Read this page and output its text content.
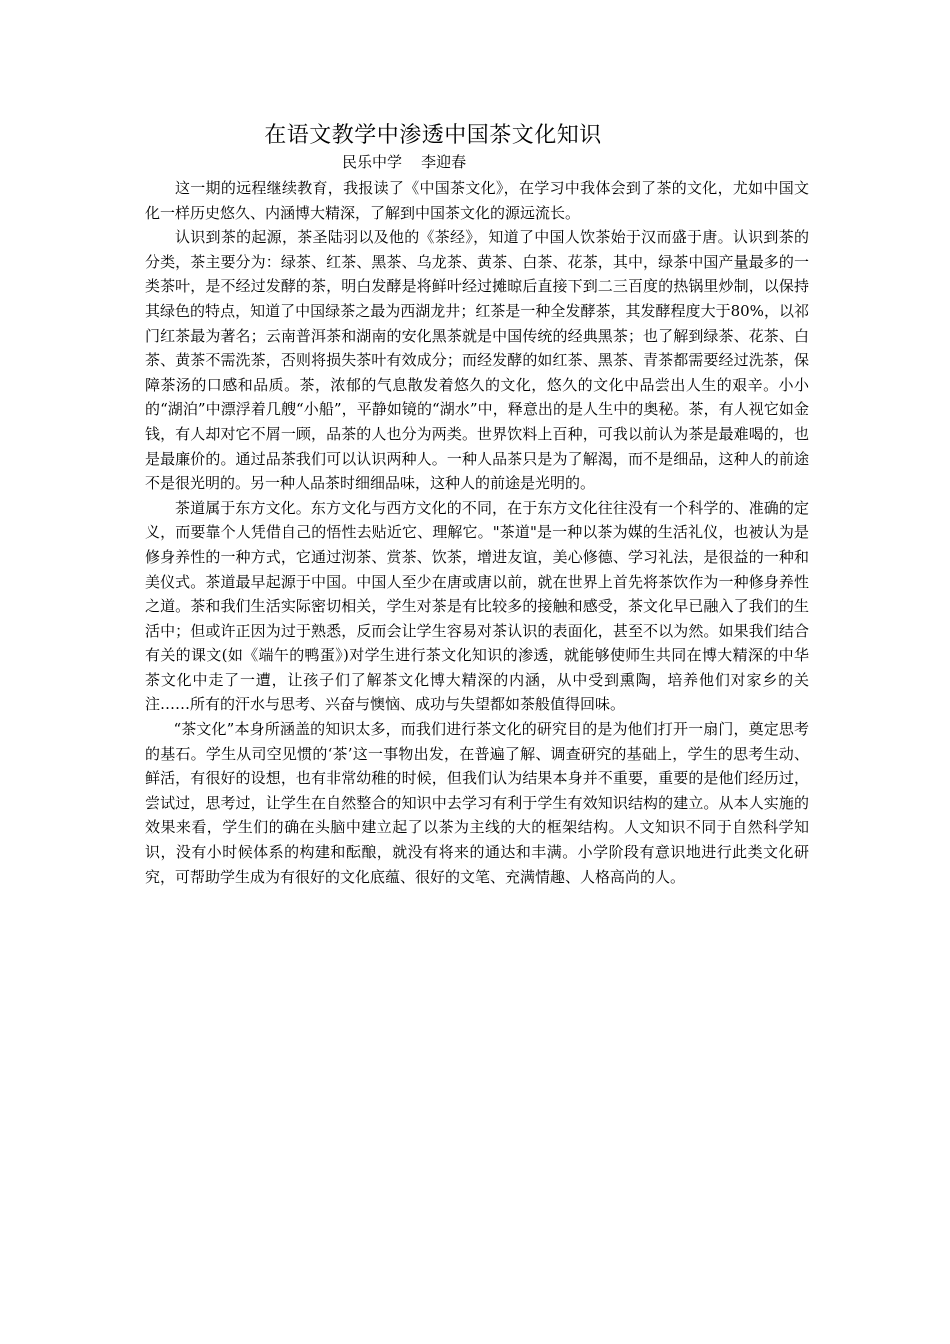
在语文教学中渗透中国茶文化知识
民乐中学    李迎春

这一期的远程继续教育，我报读了《中国茶文化》，在学习中我体会到了茶的文化，尤如中国文化一样历史悠久、内涵博大精深，了解到中国茶文化的源远流长。

认识到茶的起源，茶圣陆羽以及他的《茶经》，知道了中国人饮茶始于汉而盛于唐。认识到茶的分类，茶主要分为：绿茶、红茶、黑茶、乌龙茶、黄茶、白茶、花茶，其中，绿茶中国产量最多的一类茶叶，是不经过发酵的茶，明白发酵是将鲜叶经过摊晾后直接下到二三百度的热锅里炒制，以保持其绿色的特点，知道了中国绿茶之最为西湖龙井；红茶是一种全发酵茶，其发酵程度大于80%，以祁门红茶最为著名；云南普洱茶和湖南的安化黑茶就是中国传统的经典黑茶；也了解到绿茶、花茶、白茶、黄茶不需洗茶，否则将损失茶叶有效成分；而经发酵的如红茶、黑茶、青茶都需要经过洗茶，保障茶汤的口感和品质。茶，浓郁的气息散发着悠久的文化，悠久的文化中品尝出人生的艰辛。小小的“湖泊”中漂浮着几艘“小船”，平静如镜的“湖水”中，释意出的是人生中的奥秘。茶，有人视它如金钱，有人却对它不屑一顾，品茶的人也分为两类。世界饮料上百种，可我以前认为茶是最难喝的，也是最廉价的。通过品茶我们可以认识两种人。一种人品茶只是为了解渴，而不是细品，这种人的前途不是很光明的。另一种人品茶时细细品味，这种人的前途是光明的。

茶道属于东方文化。东方文化与西方文化的不同，在于东方文化往往没有一个科学的、准确的定义，而要靠个人凭借自己的悟性去贴近它、理解它。"茶道"是一种以茶为媒的生活礼仪，也被认为是修身养性的一种方式，它通过沏茶、赏茶、饮茶，增进友谊，美心修德、学习礼法，是很益的一种和美仪式。茶道最早起源于中国。中国人至少在唐或唐以前，就在世界上首先将茶饮作为一种修身养性之道。茶和我们生活实际密切相关，学生对茶是有比较多的接触和感受，茶文化早已融入了我们的生活中；但或许正因为过于熟悉，反而会让学生容易对茶认识的表面化，甚至不以为然。如果我们结合有关的课文(如《端午的鸭蛋》)对学生进行茶文化知识的渗透，就能够使师生共同在博大精深的中华茶文化中走了一遭，让孩子们了解茶文化博大精深的内涵，从中受到熏陶，培养他们对家乡的关注……所有的汗水与思考、兴奋与懊恼、成功与失望都如茶般值得回味。

“茶文化”本身所涵盖的知识太多，而我们进行茶文化的研究目的是为他们打开一扇门，奠定思考的基石。学生从司空见惯的‘茶’这一事物出发，在普遍了解、调查研究的基础上，学生的思考生动、鲜活，有很好的设想，也有非常幼稚的时候，但我们认为结果本身并不重要，重要的是他们经历过，尝试过，思考过，让学生在自然整合的知识中去学习有利于学生有效知识结构的建立。从本人实施的效果来看，学生们的确在头脑中建立起了以茶为主线的大的框架结构。人文知识不同于自然科学知识，没有小时候体系的构建和酝酿，就没有将来的通达和丰满。小学阶段有意识地进行此类文化研究，可帮助学生成为有很好的文化底蕴、很好的文笔、充满情趣、人格高尚的人。
